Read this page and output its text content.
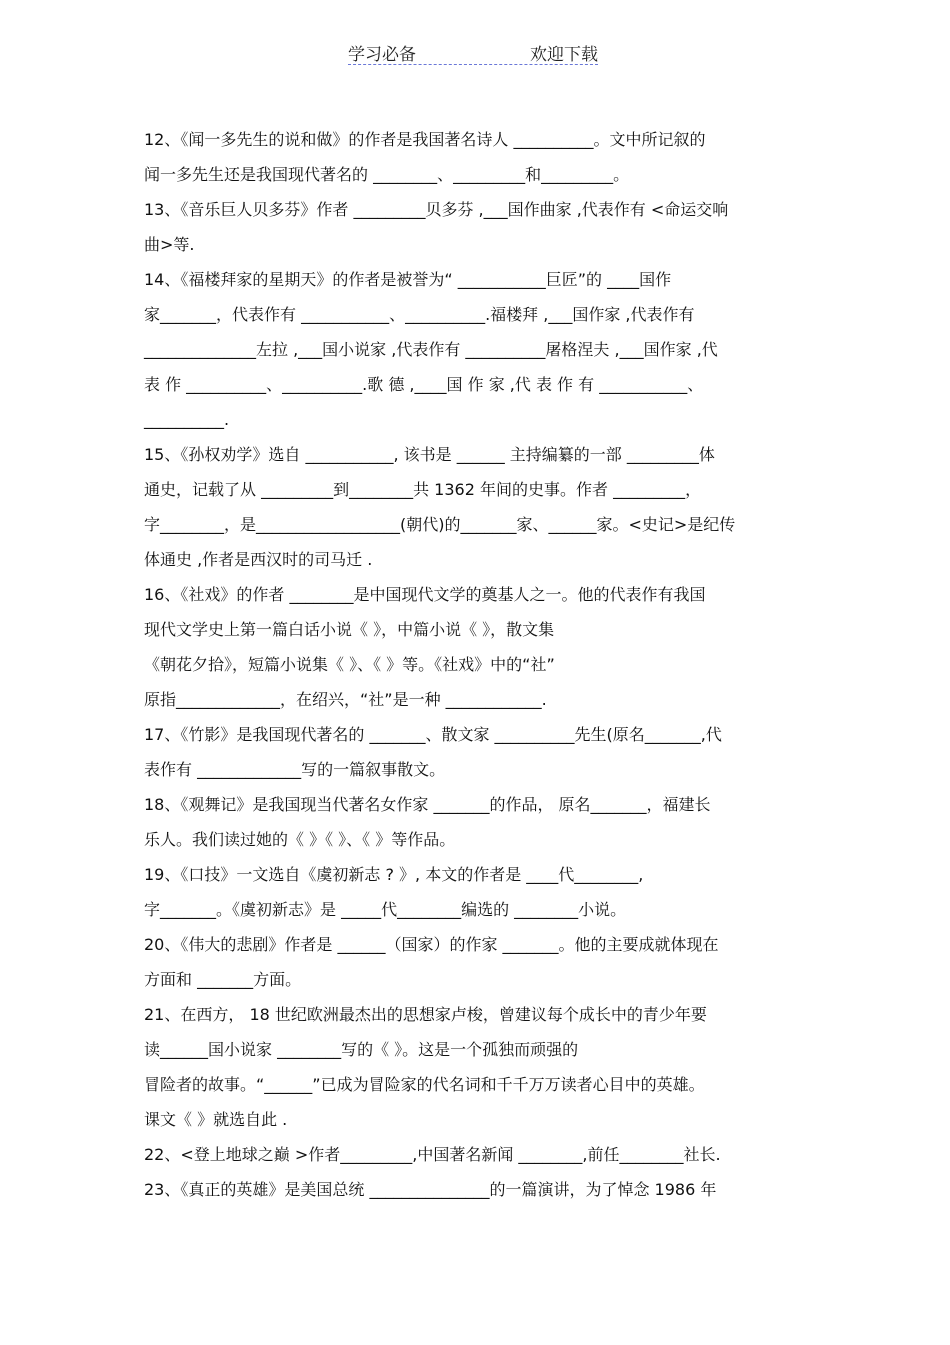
学习必备	欢迎下载
12、《闻一多先生的说和做》的作者是我国著名诗人 __________。文中所记叙的
闻一多先生还是我国现代著名的 ________、_________和_________。
13、《音乐巨人贝多芬》作者 _________贝多芬 ,___国作曲家 ,代表作有 <命运交响
曲>等.
14、《福楼拜家的星期天》的作者是被誉为“ ___________巨匠”的 ____国作
家_______，代表作有 ___________、__________.福楼拜 ,___国作家 ,代表作有
______________左拉 ,___国小说家 ,代表作有 __________屠格涅夫 ,___国作家 ,代
表 作 __________、__________.歌 德 ,____国 作 家 ,代 表 作 有 ___________、
__________.
15、《孙权劝学》选自 ___________, 该书是 ______ 主持编纂的一部 _________体
通史，记载了从 _________到________共 1362 年间的史事。作者 _________，
字________，是__________________(朝代)的_______家、______家。<史记>是纪传
体通史 ,作者是西汉时的司马迁 .
16、《社戏》的作者 ________是中国现代文学的奠基人之一。他的代表作有我国
现代文学史上第一篇白话小说《 》，中篇小说《 》，散文集
《朝花夕拾》，短篇小说集《 》、《 》等。《社戏》中的“社”
原指_____________，在绍兴，“社”是一种 ____________.
17、《竹影》是我国现代著名的 _______、散文家 __________先生(原名_______,代
表作有 _____________写的一篇叙事散文。
18、《观舞记》是我国现当代著名女作家 _______的作品， 原名_______，福建长
乐人。我们读过她的《 》《 》、《 》等作品。
19、《口技》一文选自《虞初新志 ? 》, 本文的作者是 ____代________,
字_______。《虞初新志》是 _____代________编选的 ________小说。
20、《伟大的悲剧》作者是 ______（国家）的作家 _______。他的主要成就体现在
方面和 _______方面。
21、在西方， 18 世纪欧洲最杰出的思想家卢梭，曾建议每个成长中的青少年要
读______国小说家 ________写的《 》。这是一个孤独而顽强的
冒险者的故事。“______”已成为冒险家的代名词和千千万万读者心目中的英雄。
课文《 》就选自此 .
22、<登上地球之巅 >作者_________,中国著名新闻 ________,前任________社长.
23、《真正的英雄》是美国总统 _______________的一篇演讲，为了悼念 1986 年
